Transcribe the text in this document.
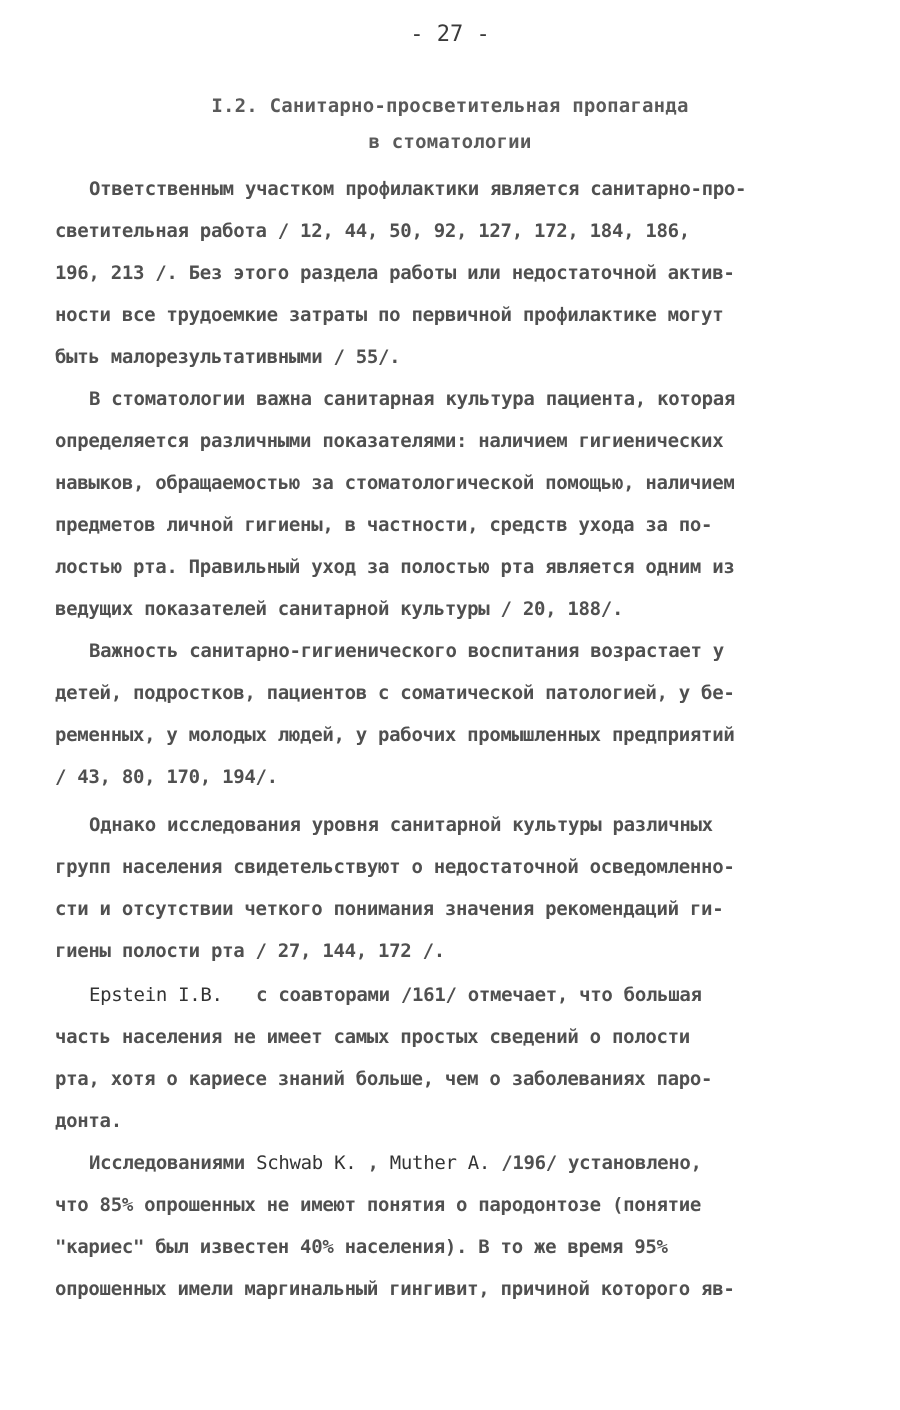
- 27 -
I.2. Санитарно-просветительная пропаганда
в стоматологии
Ответственным участком профилактики является санитарно-про-
светительная работа / 12, 44, 50, 92, 127, 172, 184, 186,
196, 213 /. Без этого раздела работы или недостаточной актив-
ности все трудоемкие затраты по первичной профилактике могут
быть малорезультативными / 55/.
В стоматологии важна санитарная культура пациента, которая
определяется различными показателями: наличием гигиенических
навыков, обращаемостью за стоматологической помощью, наличием
предметов личной гигиены, в частности, средств ухода за по-
лостью рта. Правильный уход за полостью рта является одним из
ведущих показателей санитарной культуры / 20, 188/.
Важность санитарно-гигиенического воспитания возрастает у
детей, подростков, пациентов с соматической патологией, у бе-
ременных, у молодых людей, у рабочих промышленных предприятий
/ 43, 80, 170, 194/.
Однако исследования уровня санитарной культуры различных
групп населения свидетельствуют о недостаточной осведомленно-
сти и отсутствии четкого понимания значения рекомендаций ги-
гиены полости рта / 27, 144, 172 /.
Epstein I.B. с соавторами /161/ отмечает, что большая
часть населения не имеет самых простых сведений о полости
рта, хотя о кариесе знаний больше, чем о заболеваниях паро-
донта.
Исследованиями Schwab K. , Muther A. /196/ установлено,
что 85% опрошенных не имеют понятия о пародонтозе (понятие
"кариес" был известен 40% населения). В то же время 95%
опрошенных имели маргинальный гингивит, причиной которого яв-
